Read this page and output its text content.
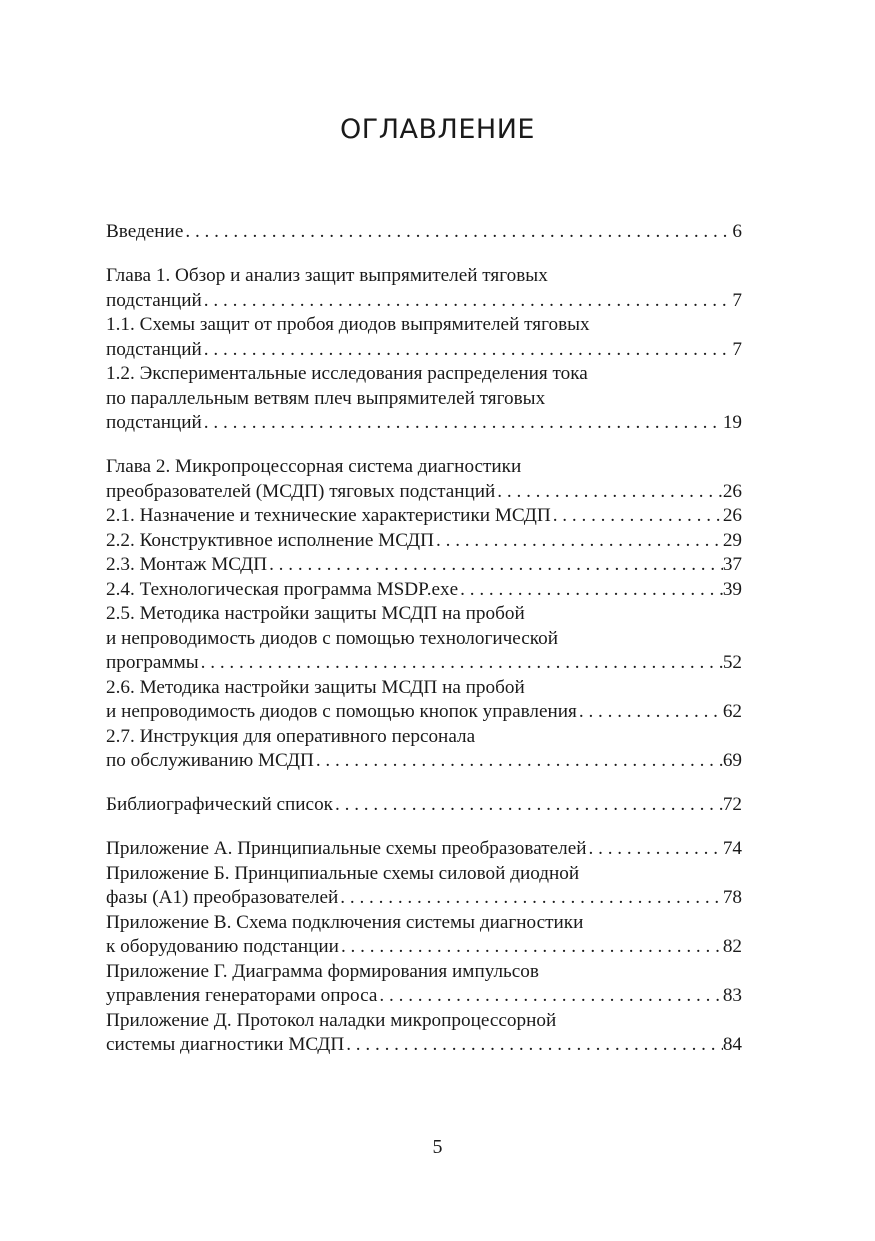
ОГЛАВЛЕНИЕ
Введение . . .	6
Глава 1. Обзор и анализ защит выпрямителей тяговых
подстанций . . .	7
1.1. Схемы защит от пробоя диодов выпрямителей тяговых
подстанций . . .	7
1.2. Экспериментальные исследования распределения тока
по параллельным ветвям плеч выпрямителей тяговых
подстанций . . .	19
Глава 2. Микропроцессорная система диагностики
преобразователей (МСДП) тяговых подстанций . . .	26
2.1. Назначение и технические характеристики МСДП . . .	26
2.2. Конструктивное исполнение МСДП . . .	29
2.3. Монтаж МСДП . . .	37
2.4. Технологическая программа MSDP.exe . . .	39
2.5. Методика настройки защиты МСДП на пробой
и непроводимость диодов с помощью технологической
программы . . .	52
2.6. Методика настройки защиты МСДП на пробой
и непроводимость диодов с помощью кнопок управления . . .	62
2.7. Инструкция для оперативного персонала
по обслуживанию МСДП . . .	69
Библиографический список . . .	72
Приложение А. Принципиальные схемы преобразователей . . .	74
Приложение Б. Принципиальные схемы силовой диодной
фазы (А1) преобразователей . . .	78
Приложение В. Схема подключения системы диагностики
к оборудованию подстанции . . .	82
Приложение Г. Диаграмма формирования импульсов
управления генераторами опроса . . .	83
Приложение Д. Протокол наладки микропроцессорной
системы диагностики МСДП . . .	84
5
